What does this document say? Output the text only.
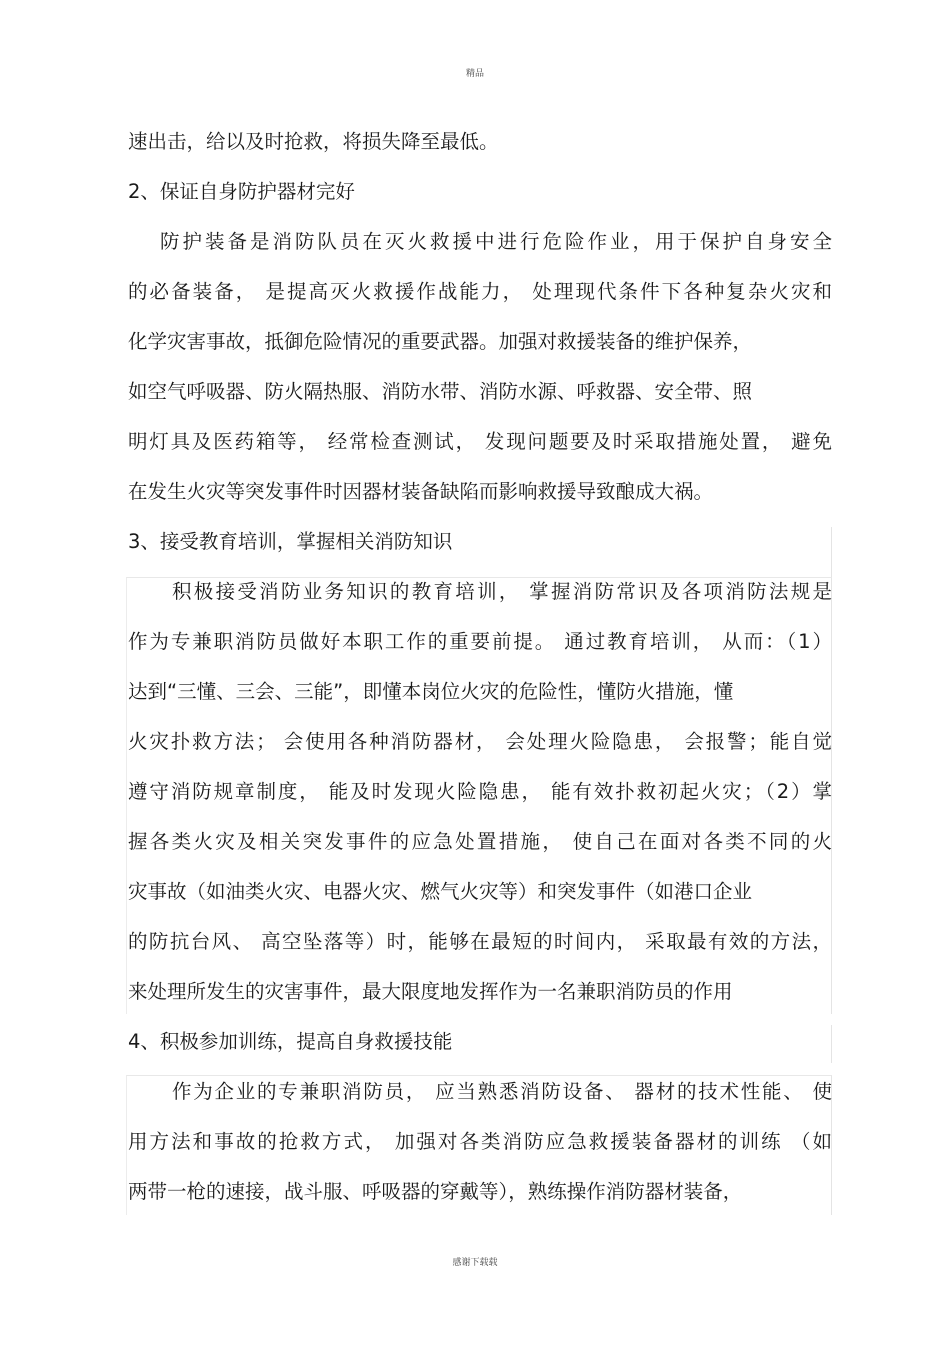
精品
速出击，给以及时抢救，将损失降至最低。
2、保证自身防护器材完好
防护装备是消防队员在灭火救援中进行危险作业，用于保护自身安全
的必备装备， 是提高灭火救援作战能力， 处理现代条件下各种复杂火灾和
化学灾害事故，抵御危险情况的重要武器。加强对救援装备的维护保养，
如空气呼吸器、防火隔热服、消防水带、消防水源、呼救器、安全带、照
明灯具及医药箱等， 经常检查测试， 发现问题要及时采取措施处置， 避免
在发生火灾等突发事件时因器材装备缺陷而影响救援导致酿成大祸。
3、接受教育培训，掌握相关消防知识
积极接受消防业务知识的教育培训， 掌握消防常识及各项消防法规是
作为专兼职消防员做好本职工作的重要前提。 通过教育培训， 从而：（1）
达到“三懂、三会、三能”，即懂本岗位火灾的危险性，懂防火措施，懂
火灾扑救方法； 会使用各种消防器材， 会处理火险隐患， 会报警；能自觉
遵守消防规章制度， 能及时发现火险隐患， 能有效扑救初起火灾；（2）掌
握各类火灾及相关突发事件的应急处置措施， 使自己在面对各类不同的火
灾事故（如油类火灾、电器火灾、燃气火灾等）和突发事件（如港口企业
的防抗台风、 高空坠落等）时，能够在最短的时间内， 采取最有效的方法，
来处理所发生的灾害事件，最大限度地发挥作为一名兼职消防员的作用
4、积极参加训练，提高自身救援技能
作为企业的专兼职消防员， 应当熟悉消防设备、 器材的技术性能、 使
用方法和事故的抢救方式， 加强对各类消防应急救援装备器材的训练 （如
两带一枪的速接，战斗服、呼吸器的穿戴等），熟练操作消防器材装备，
感谢下载载
